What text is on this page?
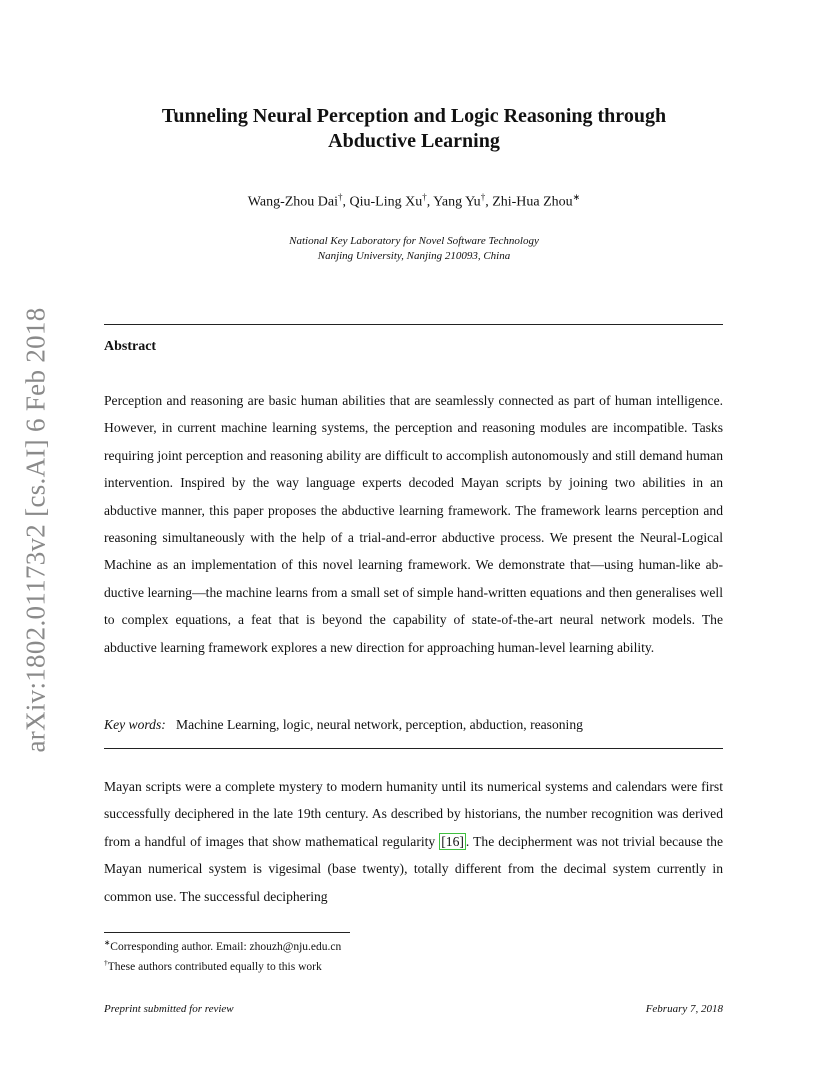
arXiv:1802.01173v2 [cs.AI] 6 Feb 2018
Tunneling Neural Perception and Logic Reasoning through
Abductive Learning
Wang-Zhou Dai†, Qiu-Ling Xu†, Yang Yu†, Zhi-Hua Zhou∗
National Key Laboratory for Novel Software Technology
Nanjing University, Nanjing 210093, China
Abstract

Perception and reasoning are basic human abilities that are seamlessly connected as part of human intelligence. However, in current machine learning systems, the perception and reasoning modules are incompatible. Tasks requiring joint perception and reasoning ability are difficult to accomplish autonomously and still demand human intervention. Inspired by the way language experts decoded Mayan scripts by joining two abilities in an abductive manner, this paper proposes the abductive learning framework. The framework learns perception and reasoning simultaneously with the help of a trial-and-error abductive process. We present the Neural-Logical Machine as an implementation of this novel learning framework. We demonstrate that—using human-like abductive learning—the machine learns from a small set of simple hand-written equations and then generalises well to complex equations, a feat that is beyond the capability of state-of-the-art neural network models. The abductive learning framework explores a new direction for approaching human-level learning ability.

Key words: Machine Learning, logic, neural network, perception, abduction, reasoning

Mayan scripts were a complete mystery to modern humanity until its numerical systems and calendars were first successfully deciphered in the late 19th century. As described by historians, the number recognition was derived from a handful of images that show mathematical regularity [16] . The decipherment was not trivial because the Mayan numerical system is vigesimal (base twenty), totally different from the decimal system currently in common use. The successful deciphering

∗Corresponding author. Email: zhouzh@nju.edu.cn
†These authors contributed equally to this work
Preprint submitted for review	February 7, 2018
